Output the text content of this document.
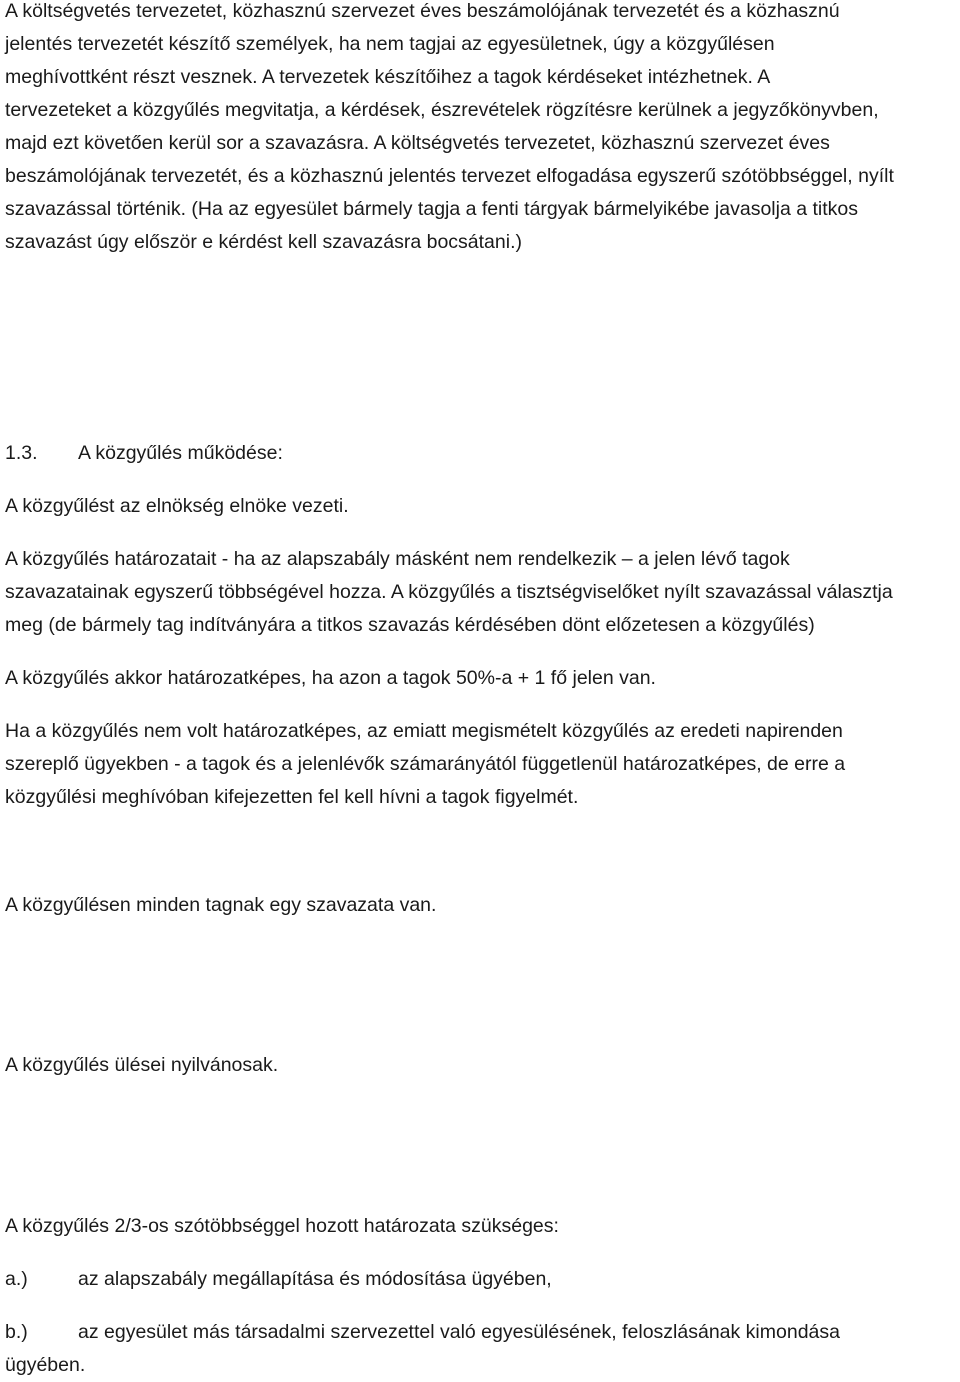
A költségvetés tervezetet, közhasznú szervezet éves beszámolójának tervezetét és a közhasznú
jelentés tervezetét készítő személyek, ha nem tagjai az egyesületnek, úgy a közgyűlésen
meghívottként részt vesznek. A tervezetek készítőihez a tagok kérdéseket intézhetnek. A
tervezeteket a közgyűlés megvitatja, a kérdések, észrevételek rögzítésre kerülnek a jegyzőkönyvben,
majd ezt követően kerül sor a szavazásra. A költségvetés tervezetet, közhasznú szervezet éves
beszámolójának tervezetét, és a közhasznú jelentés tervezet elfogadása egyszerű szótöbbséggel, nyílt
szavazással történik. (Ha az egyesület bármely tagja a fenti tárgyak bármelyikébe javasolja a titkos
szavazást úgy először e kérdést kell szavazásra bocsátani.)

1.3. A közgyűlés működése:

A közgyűlést az elnökség elnöke vezeti.

A közgyűlés határozatait - ha az alapszabály másként nem rendelkezik – a jelen lévő tagok
szavazatainak egyszerű többségével hozza. A közgyűlés a tisztségviselőket nyílt szavazással választja
meg (de bármely tag indítványára a titkos szavazás kérdésében dönt előzetesen a közgyűlés)

A közgyűlés akkor határozatképes, ha azon a tagok 50%-a + 1 fő jelen van.

Ha a közgyűlés nem volt határozatképes, az emiatt megismételt közgyűlés az eredeti napirenden
szereplő ügyekben - a tagok és a jelenlévők számarányától függetlenül határozatképes, de erre a
közgyűlési meghívóban kifejezetten fel kell hívni a tagok figyelmét.

A közgyűlésen minden tagnak egy szavazata van.

A közgyűlés ülései nyilvánosak.

A közgyűlés 2/3-os szótöbbséggel hozott határozata szükséges:

a.)	az alapszabály megállapítása és módosítása ügyében,
b.)	az egyesület más társadalmi szervezettel való egyesülésének, feloszlásának kimondása
ügyében.
